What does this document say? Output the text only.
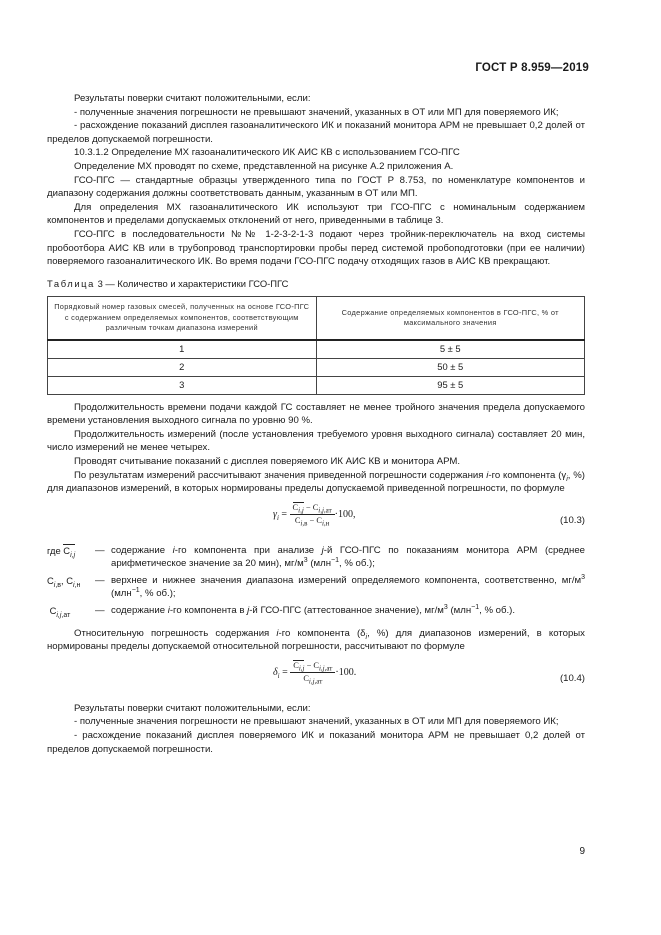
ГОСТ Р 8.959—2019

Результаты поверки считают положительными, если:

- полученные значения погрешности не превышают значений, указанных в ОТ или МП для поверяемого ИК;

- расхождение показаний дисплея газоаналитического ИК и показаний монитора АРМ не превышает 0,2 долей от пределов допускаемой погрешности.

10.3.1.2 Определение МХ газоаналитического ИК АИС КВ с использованием ГСО-ПГС

Определение МХ проводят по схеме, представленной на рисунке А.2 приложения А.

ГСО-ПГС — стандартные образцы утвержденного типа по ГОСТ Р 8.753, по номенклатуре компонентов и диапазону содержания должны соответствовать данным, указанным в ОТ или МП.

Для определения МХ газоаналитического ИК используют три ГСО-ПГС с номинальным содержанием компонентов и пределами допускаемых отклонений от него, приведенными в таблице 3.

ГСО-ПГС в последовательности №№ 1-2-3-2-1-3 подают через тройник-переключатель на вход системы пробоотбора АИС КВ или в трубопровод транспортировки пробы перед системой пробоподготовки (при ее наличии) поверяемого газоаналитического ИК. Во время подачи ГСО-ПГС подачу отходящих газов в АИС КВ прекращают.

Таблица 3 — Количество и характеристики ГСО-ПГС

Порядковый номер газовых смесей, полученных на основе ГСО-ПГС с содержанием определяемых компонентов, соответствующим различным точкам диапазона измерений	Содержание определяемых компонентов в ГСО-ПГС, % от максимального значения
1	5 ± 5
2	50 ± 5
3	95 ± 5

Продолжительность времени подачи каждой ГС составляет не менее тройного значения предела допускаемого времени установления выходного сигнала по уровню 90 %.

Продолжительность измерений (после установления требуемого уровня выходного сигнала) составляет 20 мин, число измерений не менее четырех.

Проводят считывание показаний с дисплея поверяемого ИК АИС КВ и монитора АРМ.

По результатам измерений рассчитывают значения приведенной погрешности содержания i-го компонента ($\gamma_i$, %) для диапазонов измерений, в которых нормированы пределы допускаемой приведенной погрешности, по формуле

$\gamma_i = \frac{C_{i,j} - C_{i,j,ат}}{C_{i,в} - C_{i,н}} \cdot 100$,
(10.3)
где $C_{i,j}$	— содержание i-го компонента при анализе j-й ГСО-ПГС по показаниям монитора АРМ (среднее арифметическое значение за 20 мин), $мг/м^3$ (млн$^{-1}$, % об.);
$C_{i,в}$, $C_{i,н}$	— верхнее и нижнее значения диапазона измерений определяемого компонента, соответственно, $мг/м^3$ (млн$^{-1}$, % об.);
$C_{i,j,ат}$	— содержание i-го компонента в j-й ГСО-ПГС (аттестованное значение), $мг/м^3$ (млн$^{-1}$, % об.).

Относительную погрешность содержания i-го компонента ($\delta_i$, %) для диапазонов измерений, в которых нормированы пределы допускаемой относительной погрешности, рассчитывают по формуле

$\delta_i = \frac{C_{i,j} - C_{i,j,ат}}{C_{i,j,ат}} \cdot 100$.
(10.4)

Результаты поверки считают положительными, если:

- полученные значения погрешности не превышают значений, указанных в ОТ или МП для поверяемого ИК;

- расхождение показаний дисплея поверяемого ИК и показаний монитора АРМ не превышает 0,2 долей от пределов допускаемой погрешности.

9
